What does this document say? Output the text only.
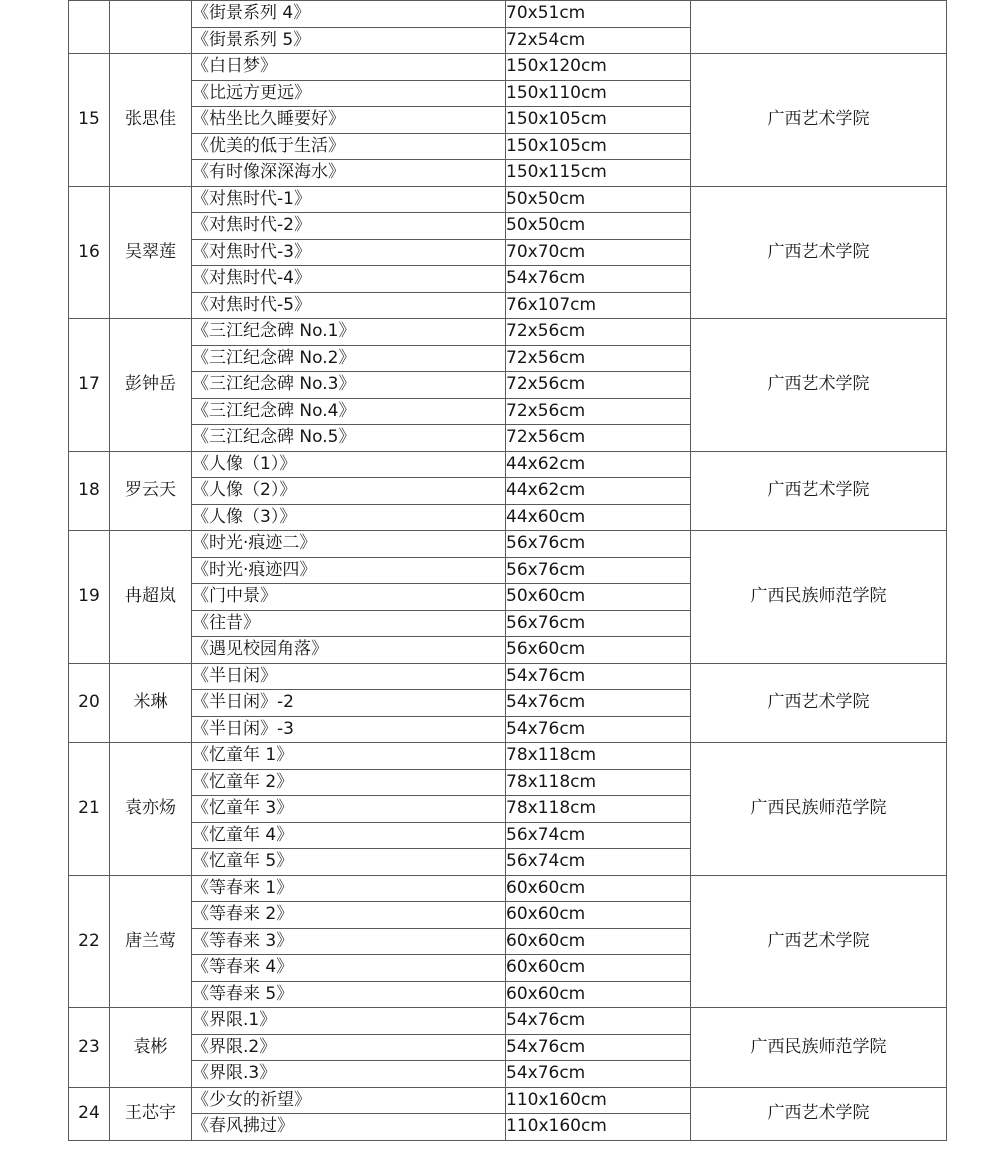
		《街景系列 4》	70x51cm	
		《街景系列 5》	72x54cm	
15	张思佳	《白日梦》	150x120cm	广西艺术学院
		《比远方更远》	150x110cm	
		《枯坐比久睡要好》	150x105cm	
		《优美的低于生活》	150x105cm	
		《有时像深深海水》	150x115cm	
16	吴翠莲	《对焦时代-1》	50x50cm	广西艺术学院
		《对焦时代-2》	50x50cm	
		《对焦时代-3》	70x70cm	
		《对焦时代-4》	54x76cm	
		《对焦时代-5》	76x107cm	
17	彭钟岳	《三江纪念碑 No.1》	72x56cm	广西艺术学院
		《三江纪念碑 No.2》	72x56cm	
		《三江纪念碑 No.3》	72x56cm	
		《三江纪念碑 No.4》	72x56cm	
		《三江纪念碑 No.5》	72x56cm	
18	罗云天	《人像（1）》	44x62cm	广西艺术学院
		《人像（2）》	44x62cm	
		《人像（3）》	44x60cm	
19	冉超岚	《时光·痕迹二》	56x76cm	广西民族师范学院
		《时光·痕迹四》	56x76cm	
		《门中景》	50x60cm	
		《往昔》	56x76cm	
		《遇见校园角落》	56x60cm	
20	米琳	《半日闲》	54x76cm	广西艺术学院
		《半日闲》-2	54x76cm	
		《半日闲》-3	54x76cm	
21	袁亦炀	《忆童年 1》	78x118cm	广西民族师范学院
		《忆童年 2》	78x118cm	
		《忆童年 3》	78x118cm	
		《忆童年 4》	56x74cm	
		《忆童年 5》	56x74cm	
22	唐兰莺	《等春来 1》	60x60cm	广西艺术学院
		《等春来 2》	60x60cm	
		《等春来 3》	60x60cm	
		《等春来 4》	60x60cm	
		《等春来 5》	60x60cm	
23	袁彬	《界限.1》	54x76cm	广西民族师范学院
		《界限.2》	54x76cm	
		《界限.3》	54x76cm	
24	王芯宇	《少女的祈望》	110x160cm	广西艺术学院
		《春风拂过》	110x160cm	
